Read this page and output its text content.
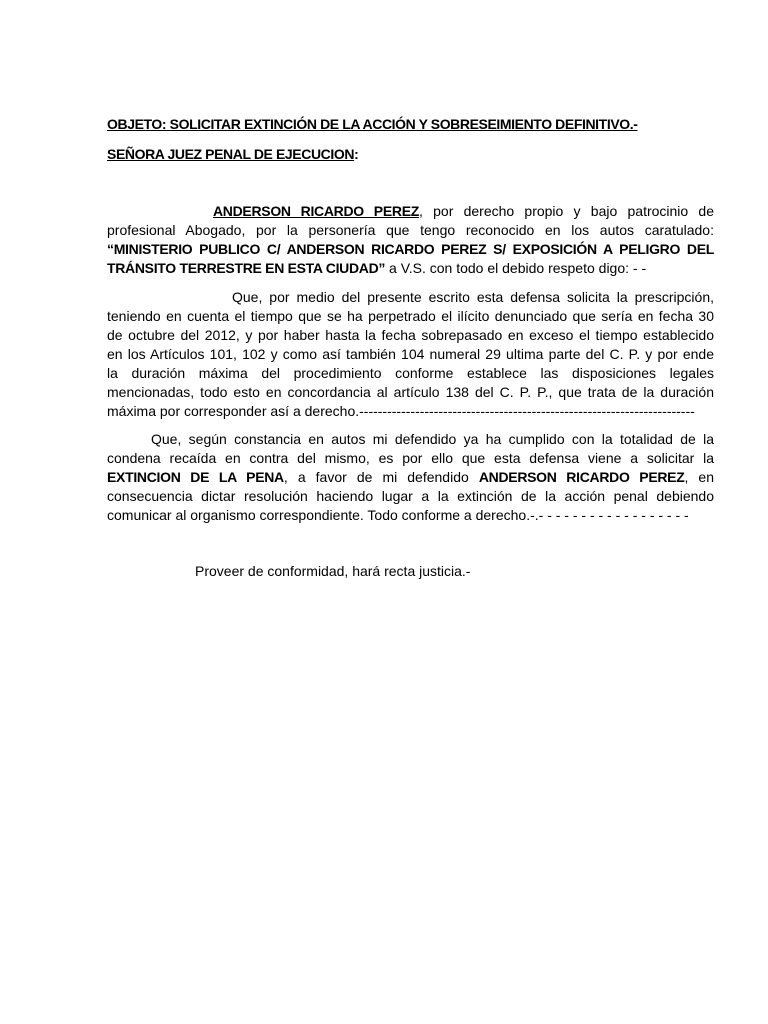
OBJETO: SOLICITAR EXTINCIÓN DE LA ACCIÓN Y SOBRESEIMIENTO DEFINITIVO.-
SEÑORA JUEZ PENAL DE EJECUCION:
ANDERSON RICARDO PEREZ, por derecho propio y bajo patrocinio de
profesional Abogado, por la personería que tengo reconocido en los autos caratulado:
“MINISTERIO PUBLICO C/ ANDERSON RICARDO PEREZ S/ EXPOSICIÓN A PELIGRO DEL
TRÁNSITO TERRESTRE EN ESTA CIUDAD” a V.S. con todo el debido respeto digo: - -
Que, por medio del presente escrito esta defensa solicita la prescripción,
teniendo en cuenta el tiempo que se ha perpetrado el ilícito denunciado que sería en fecha 30
de octubre del 2012, y por haber hasta la fecha sobrepasado en exceso el tiempo establecido
en los Artículos 101, 102 y como así también 104 numeral 29 ultima parte del C. P. y por ende
la duración máxima del procedimiento conforme establece las disposiciones legales
mencionadas, todo esto en concordancia al artículo 138 del C. P. P., que trata de la duración
máxima por corresponder así a derecho.------------------------------------------------------------------------
Que, según constancia en autos mi defendido ya ha cumplido con la totalidad de la
condena recaída en contra del mismo, es por ello que esta defensa viene a solicitar la
EXTINCION DE LA PENA, a favor de mi defendido ANDERSON RICARDO PEREZ, en
consecuencia dictar resolución haciendo lugar a la extinción de la acción penal debiendo
comunicar al organismo correspondiente. Todo conforme a derecho.-.- - - - - - - - - - - - - - - - - -
Proveer de conformidad, hará recta justicia.-
